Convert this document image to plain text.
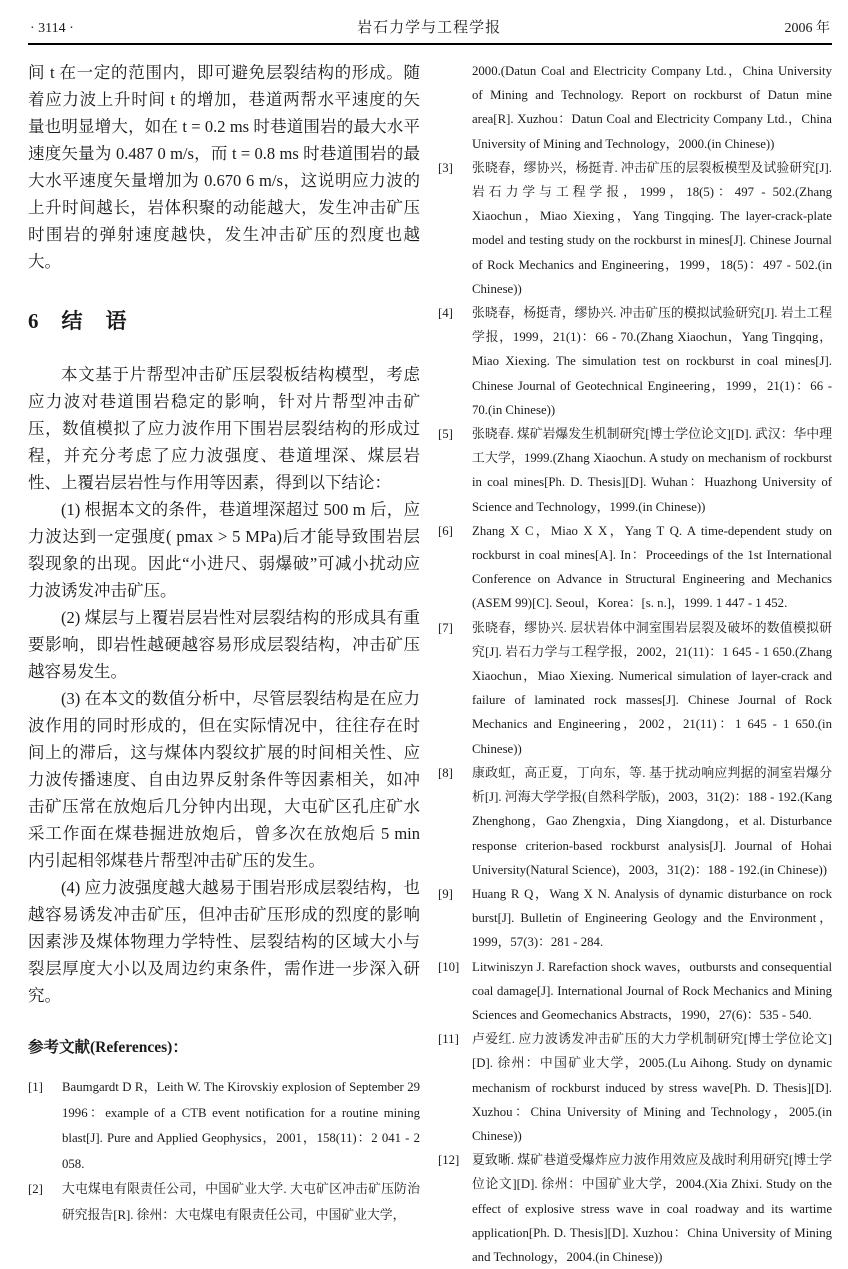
· 3114 ·	岩石力学与工程学报	2006 年

间 t 在一定的范围内，即可避免层裂结构的形成。随着应力波上升时间 t 的增加，巷道两帮水平速度的矢量也明显增大，如在 t = 0.2 ms 时巷道围岩的最大水平速度矢量为 0.487 0 m/s，而 t = 0.8 ms 时巷道围岩的最大水平速度矢量增加为 0.670 6 m/s，这说明应力波的上升时间越长，岩体积聚的动能越大，发生冲击矿压时围岩的弹射速度越快，发生冲击矿压的烈度也越大。

6 结　语

本文基于片帮型冲击矿压层裂板结构模型，考虑应力波对巷道围岩稳定的影响，针对片帮型冲击矿压，数值模拟了应力波作用下围岩层裂结构的形成过程，并充分考虑了应力波强度、巷道埋深、煤层岩性、上覆岩层岩性与作用等因素，得到以下结论：

(1) 根据本文的条件，巷道埋深超过 500 m 后，应力波达到一定强度( pmax > 5 MPa)后才能导致围岩层裂现象的出现。因此“小进尺、弱爆破”可减小扰动应力波诱发冲击矿压。

(2) 煤层与上覆岩层岩性对层裂结构的形成具有重要影响，即岩性越硬越容易形成层裂结构，冲击矿压越容易发生。

(3) 在本文的数值分析中，尽管层裂结构是在应力波作用的同时形成的，但在实际情况中，往往存在时间上的滞后，这与煤体内裂纹扩展的时间相关性、应力波传播速度、自由边界反射条件等因素相关，如冲击矿压常在放炮后几分钟内出现，大屯矿区孔庄矿水采工作面在煤巷掘进放炮后，曾多次在放炮后 5 min 内引起相邻煤巷片帮型冲击矿压的发生。

(4) 应力波强度越大越易于围岩形成层裂结构，也越容易诱发冲击矿压，但冲击矿压形成的烈度的影响因素涉及煤体物理力学特性、层裂结构的区域大小与裂层厚度大小以及周边约束条件，需作进一步深入研究。

参考文献(References)：
[1]	Baumgardt D R，Leith W. The Kirovskiy explosion of September 29 1996：example of a CTB event notification for a routine mining blast[J]. Pure and Applied Geophysics，2001，158(11)：2 041 - 2 058.
[2]	大屯煤电有限责任公司，中国矿业大学. 大屯矿区冲击矿压防治研究报告[R]. 徐州：大屯煤电有限责任公司，中国矿业大学，
2000.(Datun Coal and Electricity Company Ltd.，China University of Mining and Technology. Report on rockburst of Datun mine area[R]. Xuzhou：Datun Coal and Electricity Company Ltd.，China University of Mining and Technology，2000.(in Chinese))
[3]	张晓春，缪协兴，杨挺青. 冲击矿压的层裂板模型及试验研究[J]. 岩石力学与工程学报，1999，18(5)：497 - 502.(Zhang Xiaochun，Miao Xiexing，Yang Tingqing. The layer-crack-plate model and testing study on the rockburst in mines[J]. Chinese Journal of Rock Mechanics and Engineering，1999，18(5)：497 - 502.(in Chinese))
[4]	张晓春，杨挺青，缪协兴. 冲击矿压的模拟试验研究[J]. 岩土工程学报，1999，21(1)：66 - 70.(Zhang Xiaochun，Yang Tingqing，Miao Xiexing. The simulation test on rockburst in coal mines[J]. Chinese Journal of Geotechnical Engineering，1999，21(1)：66 - 70.(in Chinese))
[5]	张晓春. 煤矿岩爆发生机制研究[博士学位论文][D]. 武汉：华中理工大学，1999.(Zhang Xiaochun. A study on mechanism of rockburst in coal mines[Ph. D. Thesis][D]. Wuhan：Huazhong University of Science and Technology，1999.(in Chinese))
[6]	Zhang X C，Miao X X，Yang T Q. A time-dependent study on rockburst in coal mines[A]. In：Proceedings of the 1st International Conference on Advance in Structural Engineering and Mechanics (ASEM 99)[C]. Seoul，Korea：[s. n.]，1999. 1 447 - 1 452.
[7]	张晓春，缪协兴. 层状岩体中洞室围岩层裂及破坏的数值模拟研究[J]. 岩石力学与工程学报，2002，21(11)：1 645 - 1 650.(Zhang Xiaochun，Miao Xiexing. Numerical simulation of layer-crack and failure of laminated rock masses[J]. Chinese Journal of Rock Mechanics and Engineering，2002，21(11)：1 645 - 1 650.(in Chinese))
[8]	康政虹，高正夏，丁向东，等. 基于扰动响应判据的洞室岩爆分析[J]. 河海大学学报(自然科学版)，2003，31(2)：188 - 192.(Kang Zhenghong，Gao Zhengxia，Ding Xiangdong，et al. Disturbance response criterion-based rockburst analysis[J]. Journal of Hohai University(Natural Science)，2003，31(2)：188 - 192.(in Chinese))
[9]	Huang R Q，Wang X N. Analysis of dynamic disturbance on rock burst[J]. Bulletin of Engineering Geology and the Environment，1999，57(3)：281 - 284.
[10] Litwiniszyn J. Rarefaction shock waves，outbursts and consequential coal damage[J]. International Journal of Rock Mechanics and Mining Sciences and Geomechanics Abstracts，1990，27(6)：535 - 540.
[11]	卢爱红. 应力波诱发冲击矿压的大力学机制研究[博士学位论文][D]. 徐州：中国矿业大学，2005.(Lu Aihong. Study on dynamic mechanism of rockburst induced by stress wave[Ph. D. Thesis][D]. Xuzhou：China University of Mining and Technology，2005.(in Chinese))
[12] 夏致晰. 煤矿巷道受爆炸应力波作用效应及战时利用研究[博士学位论文][D]. 徐州：中国矿业大学，2004.(Xia Zhixi. Study on the effect of explosive stress wave in coal roadway and its wartime application[Ph. D. Thesis][D]. Xuzhou：China University of Mining and Technology，2004.(in Chinese))
